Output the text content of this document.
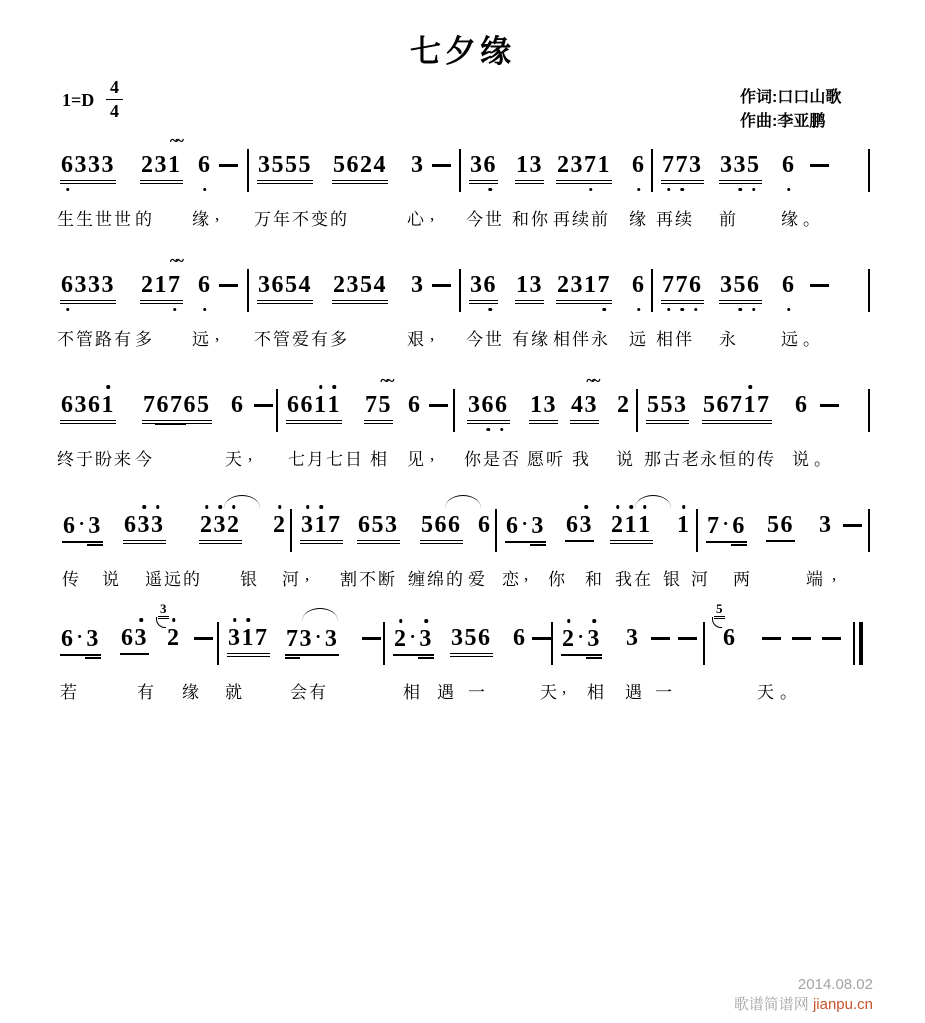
七夕缘
$1=D \frac{4}{4}$	作词:口口山歌
作曲:李亚鹏
6
333 231
~~
6 3555 5624 3 36 13 237
1 6 7
7
3 33
5 6
生生世世 的 缘 , 万年不变 的	心 , 今世 和你 再续前 缘 再续 前	缘 。
6
333 217
~~
6 3654 2354 3 36 13 2317 6 7
7
6 35
6 6
不管路有 多 远 , 不管爱有 多	艰 , 今世 有缘 相伴永 远 相伴 永	远 。
6361 76765 6 661
1 75
~~
6 36
6 13 43
~~
2 553 5671
7 6
终于盼来 今	天 , 七月七日 相 见 , 你是否 愿听 我 说 那古老 永恒的传 说 。
6 ·3 63
3 2
3
2 2 3
1
7 653 566 6 6 ·3 63 2
1
1 1 7 ·6 56 3
传 说 遥远的 银 河 , 割不断 缠绵的 爱 恋 , 你 和 我在 银 河 两	端 ,
6 ·3 63 2
3
3
1
7 73 ·3 2 ·3 356 6 2 ·3 3	6
5
若	有 缘 就	会有	相 遇 一	天 , 相 遇 一	天 。
2014.08.02
歌谱简谱网 jianpu.cn
